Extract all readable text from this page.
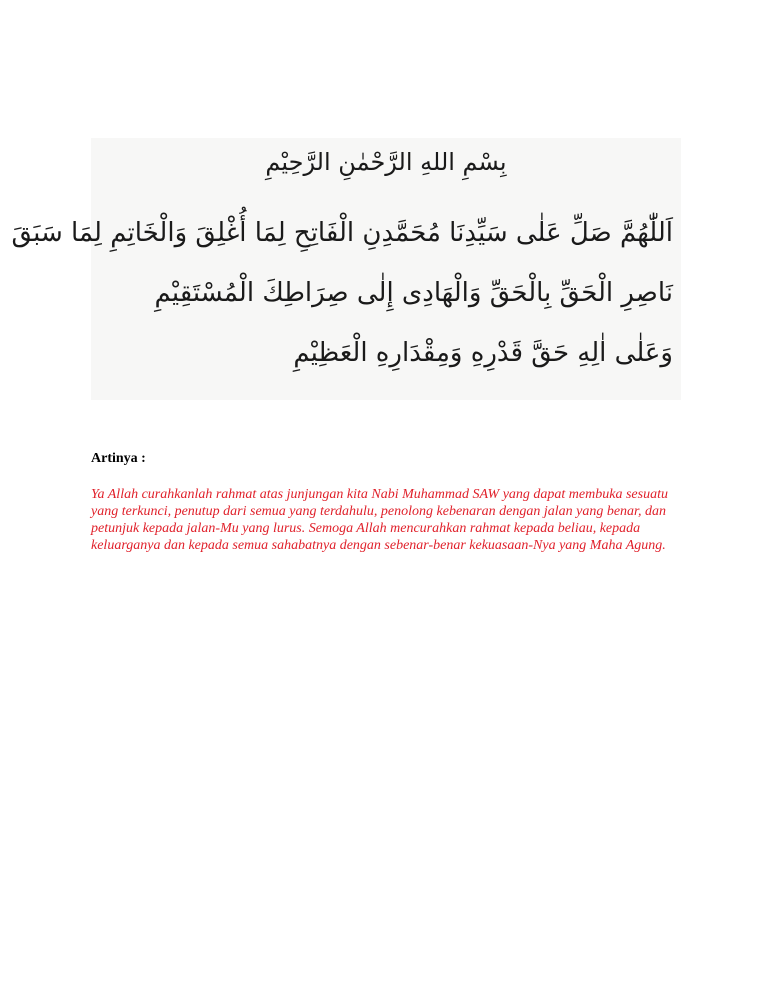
بِسْمِ اللهِ الرَّحْمٰنِ الرَّحِيْمِ
اَللّٰهُمَّ صَلِّ عَلٰى سَيِّدِنَا مُحَمَّدِنِ الْفَاتِحِ لِمَا أُغْلِقَ وَالْخَاتِمِ لِمَا سَبَقَ
نَاصِرِ الْحَقِّ بِالْحَقِّ وَالْهَادِى إِلٰى صِرَاطِكَ الْمُسْتَقِيْمِ
وَعَلٰى اٰلِهِ حَقَّ قَدْرِهِ وَمِقْدَارِهِ الْعَظِيْمِ
Artinya :
Ya Allah curahkanlah rahmat atas junjungan kita Nabi Muhammad SAW yang dapat membuka sesuatu yang terkunci, penutup dari semua yang terdahulu, penolong kebenaran dengan jalan yang benar, dan petunjuk kepada jalan-Mu yang lurus. Semoga Allah mencurahkan rahmat kepada beliau, kepada keluarganya dan kepada semua sahabatnya dengan sebenar-benar kekuasaan-Nya yang Maha Agung.
